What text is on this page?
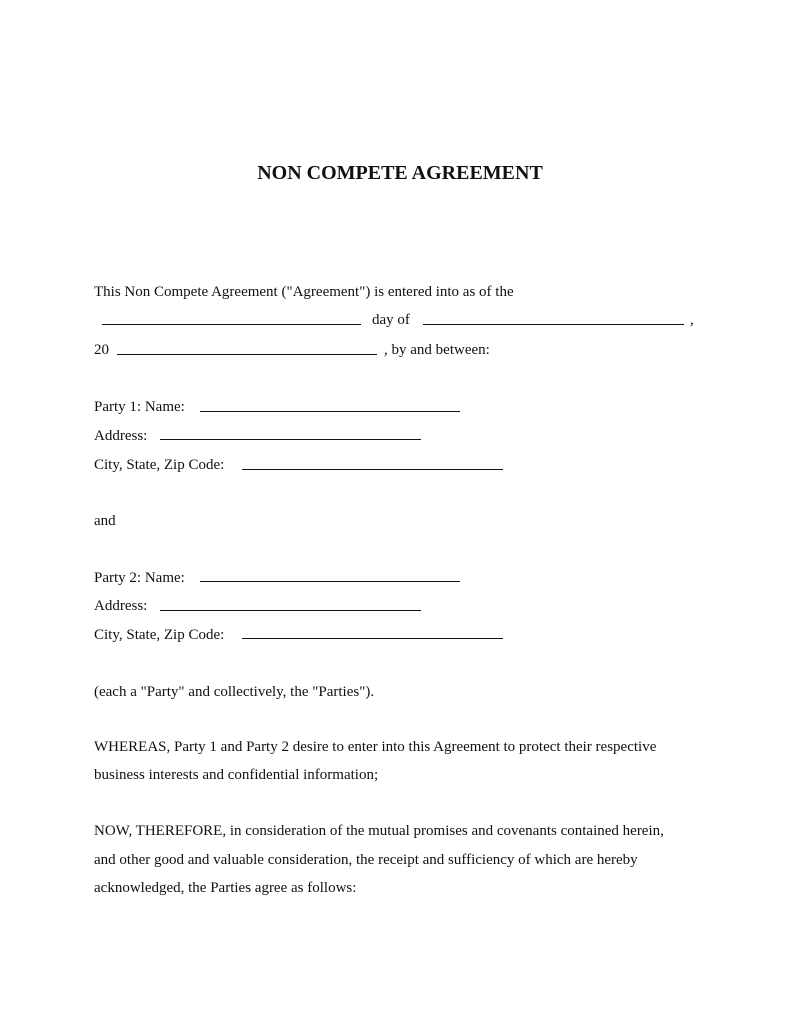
NON COMPETE AGREEMENT
This Non Compete Agreement ("Agreement") is entered into as of the
day of	,
20	, by and between:
Party 1: Name:
Address:
City, State, Zip Code:
and
Party 2: Name:
Address:
City, State, Zip Code:
(each a "Party" and collectively, the "Parties").
WHEREAS, Party 1 and Party 2 desire to enter into this Agreement to protect their respective
business interests and confidential information;
NOW, THEREFORE, in consideration of the mutual promises and covenants contained herein,
and other good and valuable consideration, the receipt and sufficiency of which are hereby
acknowledged, the Parties agree as follows:
